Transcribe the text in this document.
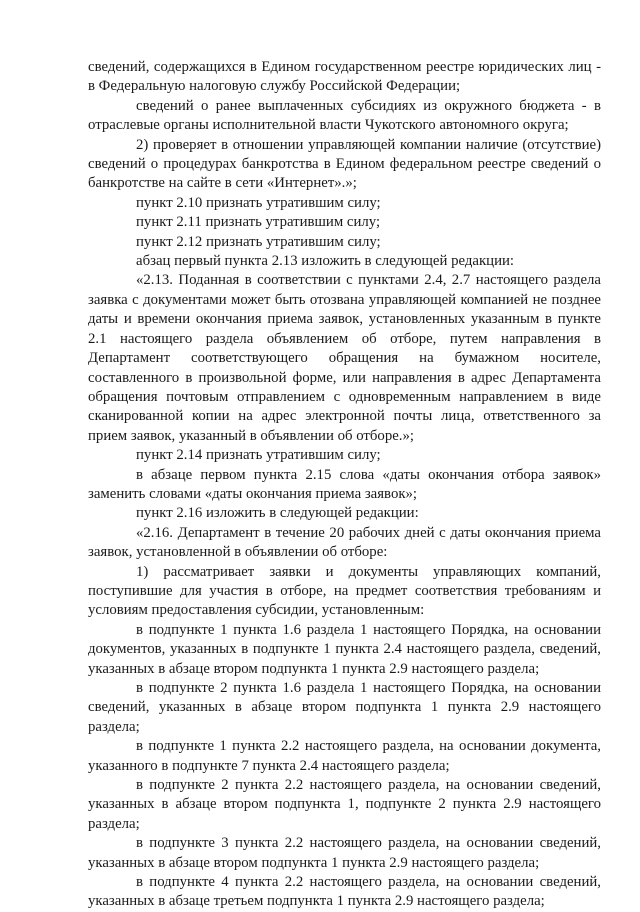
сведений, содержащихся в Едином государственном реестре юридических лиц - в Федеральную налоговую службу Российской Федерации;

сведений о ранее выплаченных субсидиях из окружного бюджета - в отраслевые органы исполнительной власти Чукотского автономного округа;

2) проверяет в отношении управляющей компании наличие (отсутствие) сведений о процедурах банкротства в Едином федеральном реестре сведений о банкротстве на сайте в сети «Интернет».»;

пункт 2.10 признать утратившим силу;

пункт 2.11 признать утратившим силу;

пункт 2.12 признать утратившим силу;

абзац первый пункта 2.13 изложить в следующей редакции:

«2.13. Поданная в соответствии с пунктами 2.4, 2.7 настоящего раздела заявка с документами может быть отозвана управляющей компанией не позднее даты и времени окончания приема заявок, установленных указанным в пункте 2.1 настоящего раздела объявлением об отборе, путем направления в Департамент соответствующего обращения на бумажном носителе, составленного в произвольной форме, или направления в адрес Департамента обращения почтовым отправлением с одновременным направлением в виде сканированной копии на адрес электронной почты лица, ответственного за прием заявок, указанный в объявлении об отборе.»;

пункт 2.14 признать утратившим силу;

в абзаце первом пункта 2.15 слова «даты окончания отбора заявок» заменить словами «даты окончания приема заявок»;

пункт 2.16 изложить в следующей редакции:

«2.16. Департамент в течение 20 рабочих дней с даты окончания приема заявок, установленной в объявлении об отборе:

1) рассматривает заявки и документы управляющих компаний, поступившие для участия в отборе, на предмет соответствия требованиям и условиям предоставления субсидии, установленным:

в подпункте 1 пункта 1.6 раздела 1 настоящего Порядка, на основании документов, указанных в подпункте 1 пункта 2.4 настоящего раздела, сведений, указанных в абзаце втором подпункта 1 пункта 2.9 настоящего раздела;

в подпункте 2 пункта 1.6 раздела 1 настоящего Порядка, на основании сведений, указанных в абзаце втором подпункта 1 пункта 2.9 настоящего раздела;

в подпункте 1 пункта 2.2 настоящего раздела, на основании документа, указанного в подпункте 7 пункта 2.4 настоящего раздела;

в подпункте 2 пункта 2.2 настоящего раздела, на основании сведений, указанных в абзаце втором подпункта 1, подпункте 2 пункта 2.9 настоящего раздела;

в подпункте 3 пункта 2.2 настоящего раздела, на основании сведений, указанных в абзаце втором подпункта 1 пункта 2.9 настоящего раздела;

в подпункте 4 пункта 2.2 настоящего раздела, на основании сведений, указанных в абзаце третьем подпункта 1 пункта 2.9 настоящего раздела;
